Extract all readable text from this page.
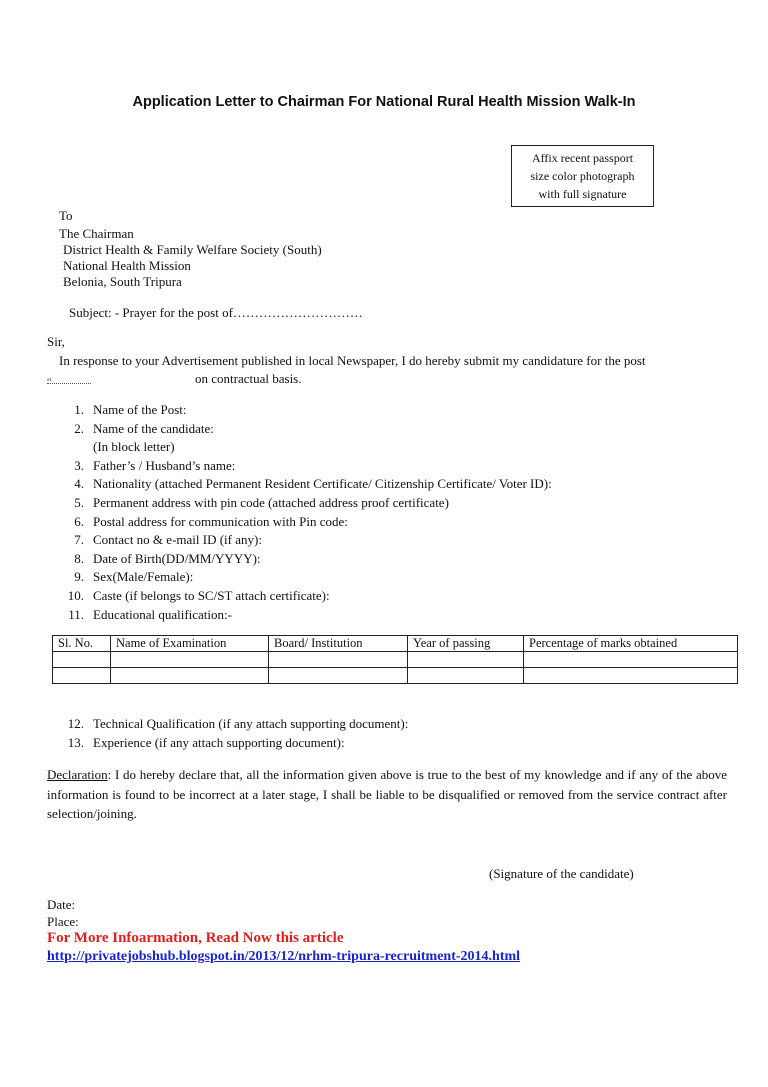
Application Letter to Chairman For National Rural Health Mission Walk-In
Affix recent passport
size color photograph
with full signature
To
The Chairman
District Health & Family Welfare Society (South)
National Health Mission
Belonia, South Tripura
Subject: - Prayer for the post of…………………………
Sir,
In response to your Advertisement published in local Newspaper, I do hereby submit my candidature for the post
at	on contractual basis.
1. Name of the Post:
2. Name of the candidate:
(In block letter)
3. Father’s / Husband’s name:
4. Nationality (attached Permanent Resident Certificate/ Citizenship Certificate/ Voter ID):
5. Permanent address with pin code (attached address proof certificate)
6. Postal address for communication with Pin code:
7. Contact no & e-mail ID (if any):
8. Date of Birth(DD/MM/YYYY):
9. Sex(Male/Female):
10. Caste (if belongs to SC/ST attach certificate):
11. Educational qualification:-
Sl. No.	Name of Examination	Board/ Institution	Year of passing	Percentage of marks obtained

12. Technical Qualification (if any attach supporting document):
13. Experience (if any attach supporting document):
Declaration: I do hereby declare that, all the information given above is true to the best of my knowledge and if any of the above information is found to be incorrect at a later stage, I shall be liable to be disqualified or removed from the service contract after selection/joining.
(Signature of the candidate)
Date:
Place:
For More Infoarmation, Read Now this article
http://privatejobshub.blogspot.in/2013/12/nrhm-tripura-recruitment-2014.html
